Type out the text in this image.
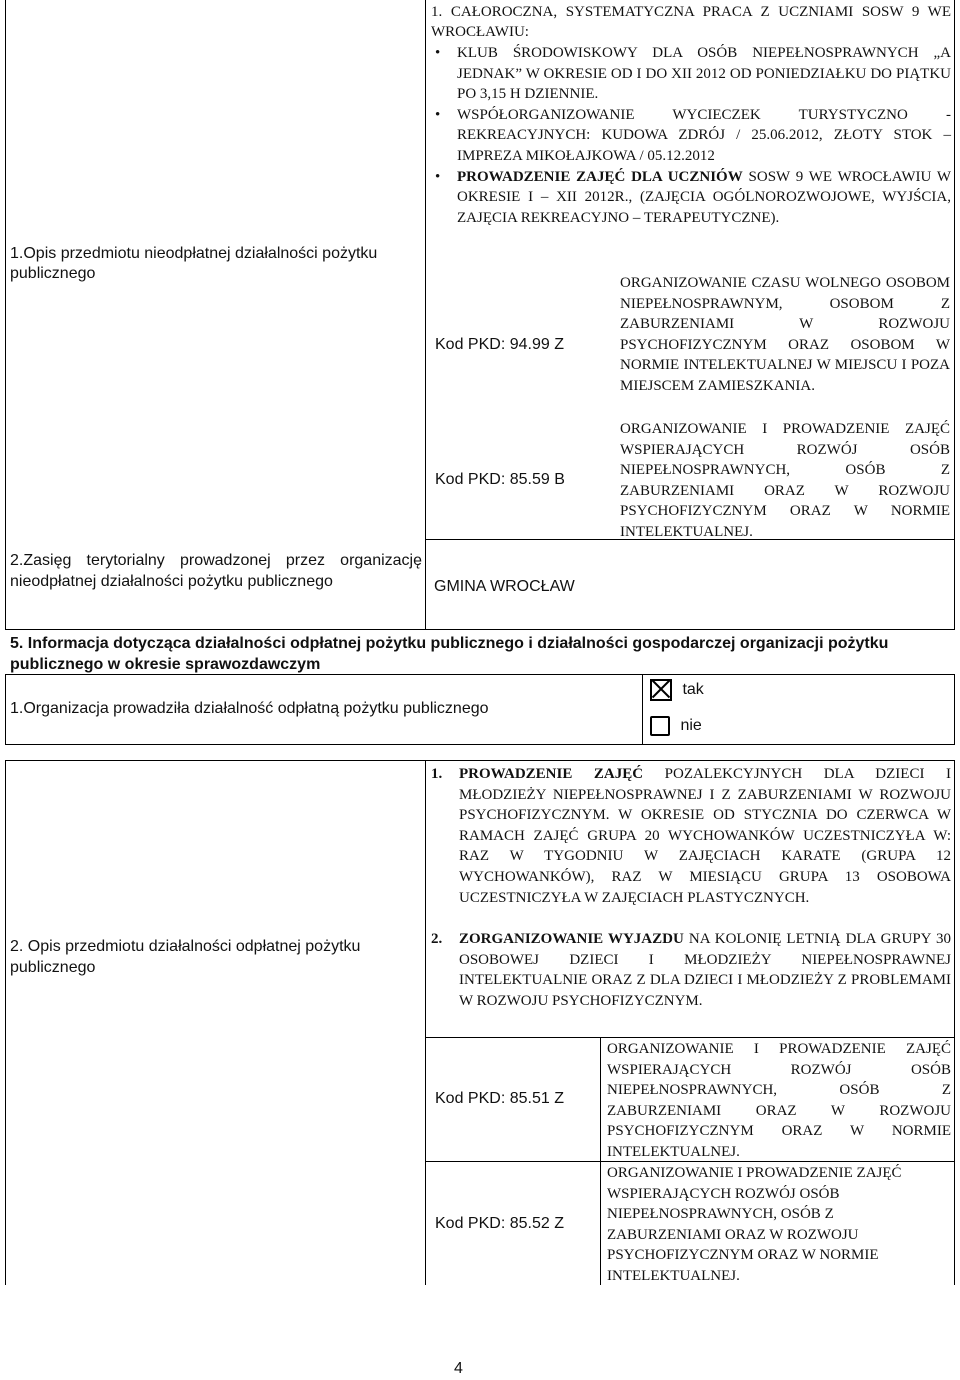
1.Opis przedmiotu nieodpłatnej działalności pożytku publicznego
2.Zasięg terytorialny prowadzonej przez organizację nieodpłatnej działalności pożytku publicznego
1. CAŁOROCZNA, SYSTEMATYCZNA PRACA Z UCZNIAMI SOSW 9 WE WROCŁAWIU:
• KLUB ŚRODOWISKOWY DLA OSÓB NIEPEŁNOSPRAWNYCH „A JEDNAK” W OKRESIE OD I DO XII 2012 OD PONIEDZIAŁKU DO PIĄTKU PO 3,15 H DZIENNIE.
• WSPÓŁORGANIZOWANIE WYCIECZEK TURYSTYCZNO - REKREACYJNYCH: KUDOWA ZDRÓJ / 25.06.2012, ZŁOTY STOK – IMPREZA MIKOŁAJKOWA / 05.12.2012
• PROWADZENIE ZAJĘĆ DLA UCZNIÓW SOSW 9 WE WROCŁAWIU W OKRESIE I – XII 2012R., (ZAJĘCIA OGÓLNOROZWOJOWE, WYJŚCIA, ZAJĘCIA REKREACYJNO – TERAPEUTYCZNE).
Kod PKD: 94.99 Z
ORGANIZOWANIE CZASU WOLNEGO OSOBOM NIEPEŁNOSPRAWNYM, OSOBOM Z ZABURZENIAMI W ROZWOJU PSYCHOFIZYCZNYM ORAZ OSOBOM W NORMIE INTELEKTUALNEJ W MIEJSCU I POZA MIEJSCEM ZAMIESZKANIA.
Kod PKD: 85.59 B
ORGANIZOWANIE I PROWADZENIE ZAJĘĆ WSPIERAJĄCYCH ROZWÓJ OSÓB NIEPEŁNOSPRAWNYCH, OSÓB Z ZABURZENIAMI ORAZ W ROZWOJU PSYCHOFIZYCZNYM ORAZ W NORMIE INTELEKTUALNEJ.
GMINA WROCŁAW
5. Informacja dotycząca działalności odpłatnej pożytku publicznego i działalności gospodarczej organizacji pożytku publicznego w okresie sprawozdawczym
1.Organizacja prowadziła działalność odpłatną pożytku publicznego
tak
nie
2. Opis przedmiotu działalności odpłatnej pożytku publicznego
1. PROWADZENIE ZAJĘĆ POZALEKCYJNYCH DLA DZIECI I MŁODZIEŻY NIEPEŁNOSPRAWNEJ I Z ZABURZENIAMI W ROZWOJU PSYCHOFIZYCZNYM. W OKRESIE OD STYCZNIA DO CZERWCA W RAMACH ZAJĘĆ GRUPA 20 WYCHOWANKÓW UCZESTNICZYŁA W: RAZ W TYGODNIU W ZAJĘCIACH KARATE (GRUPA 12 WYCHOWANKÓW), RAZ W MIESIĄCU GRUPA 13 OSOBOWA UCZESTNICZYŁA W ZAJĘCIACH PLASTYCZNYCH.
2. ZORGANIZOWANIE WYJAZDU NA KOLONIĘ LETNIĄ DLA GRUPY 30 OSOBOWEJ DZIECI I MŁODZIEŻY NIEPEŁNOSPRAWNEJ INTELEKTUALNIE ORAZ Z DLA DZIECI I MŁODZIEŻY Z PROBLEMAMI W ROZWOJU PSYCHOFIZYCZNYM.
Kod PKD: 85.51 Z
ORGANIZOWANIE I PROWADZENIE ZAJĘĆ WSPIERAJĄCYCH ROZWÓJ OSÓB NIEPEŁNOSPRAWNYCH, OSÓB Z ZABURZENIAMI ORAZ W ROZWOJU PSYCHOFIZYCZNYM ORAZ W NORMIE INTELEKTUALNEJ.
Kod PKD: 85.52 Z
ORGANIZOWANIE I PROWADZENIE ZAJĘĆ WSPIERAJĄCYCH ROZWÓJ OSÓB NIEPEŁNOSPRAWNYCH, OSÓB Z ZABURZENIAMI ORAZ W ROZWOJU PSYCHOFIZYCZNYM ORAZ W NORMIE INTELEKTUALNEJ.
4
